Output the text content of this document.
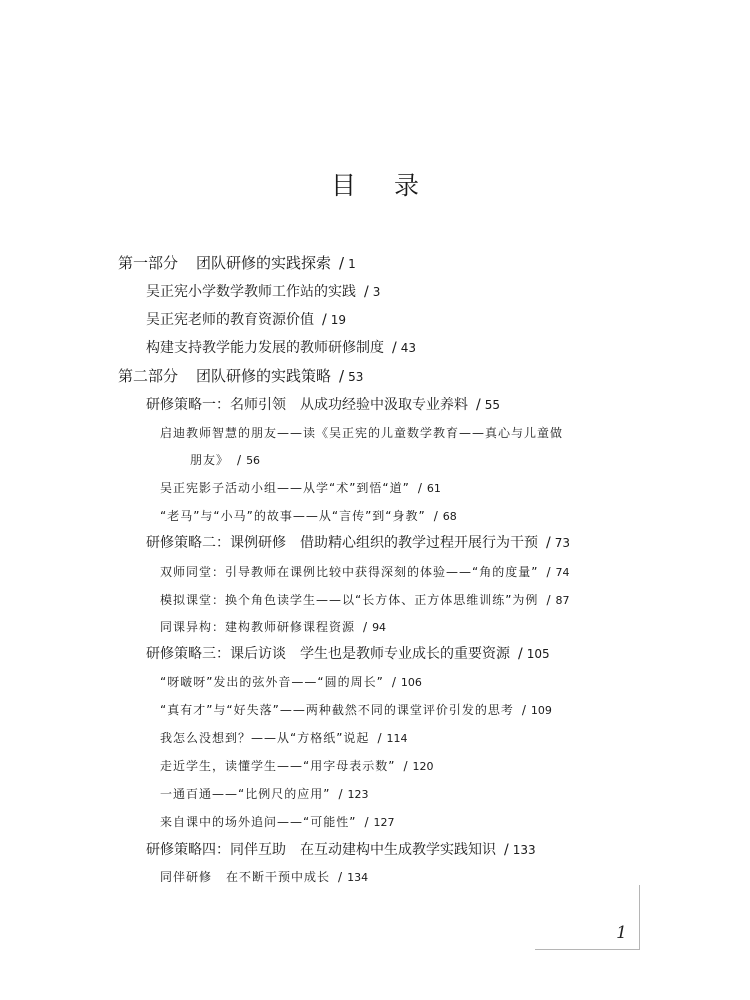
目录
第一部分 团队研修的实践探索 / 1
吴正宪小学数学教师工作站的实践 / 3
吴正宪老师的教育资源价值 / 19
构建支持教学能力发展的教师研修制度 / 43
第二部分 团队研修的实践策略 / 53
研修策略一：名师引领 从成功经验中汲取专业养料 / 55
启迪教师智慧的朋友——读《吴正宪的儿童数学教育——真心与儿童做
朋友》 / 56
吴正宪影子活动小组——从学“术”到悟“道” / 61
“老马”与“小马”的故事——从“言传”到“身教” / 68
研修策略二：课例研修 借助精心组织的教学过程开展行为干预 / 73
双师同堂：引导教师在课例比较中获得深刻的体验——“角的度量” / 74
模拟课堂：换个角色读学生——以“长方体、正方体思维训练”为例 / 87
同课异构：建构教师研修课程资源 / 94
研修策略三：课后访谈 学生也是教师专业成长的重要资源 / 105
“呀啵呀”发出的弦外音——“圆的周长” / 106
“真有才”与“好失落”——两种截然不同的课堂评价引发的思考 / 109
我怎么没想到？——从“方格纸”说起 / 114
走近学生，读懂学生——“用字母表示数” / 120
一通百通——“比例尺的应用” / 123
来自课中的场外追问——“可能性” / 127
研修策略四：同伴互助 在互动建构中生成教学实践知识 / 133
同伴研修 在不断干预中成长 / 134
1
